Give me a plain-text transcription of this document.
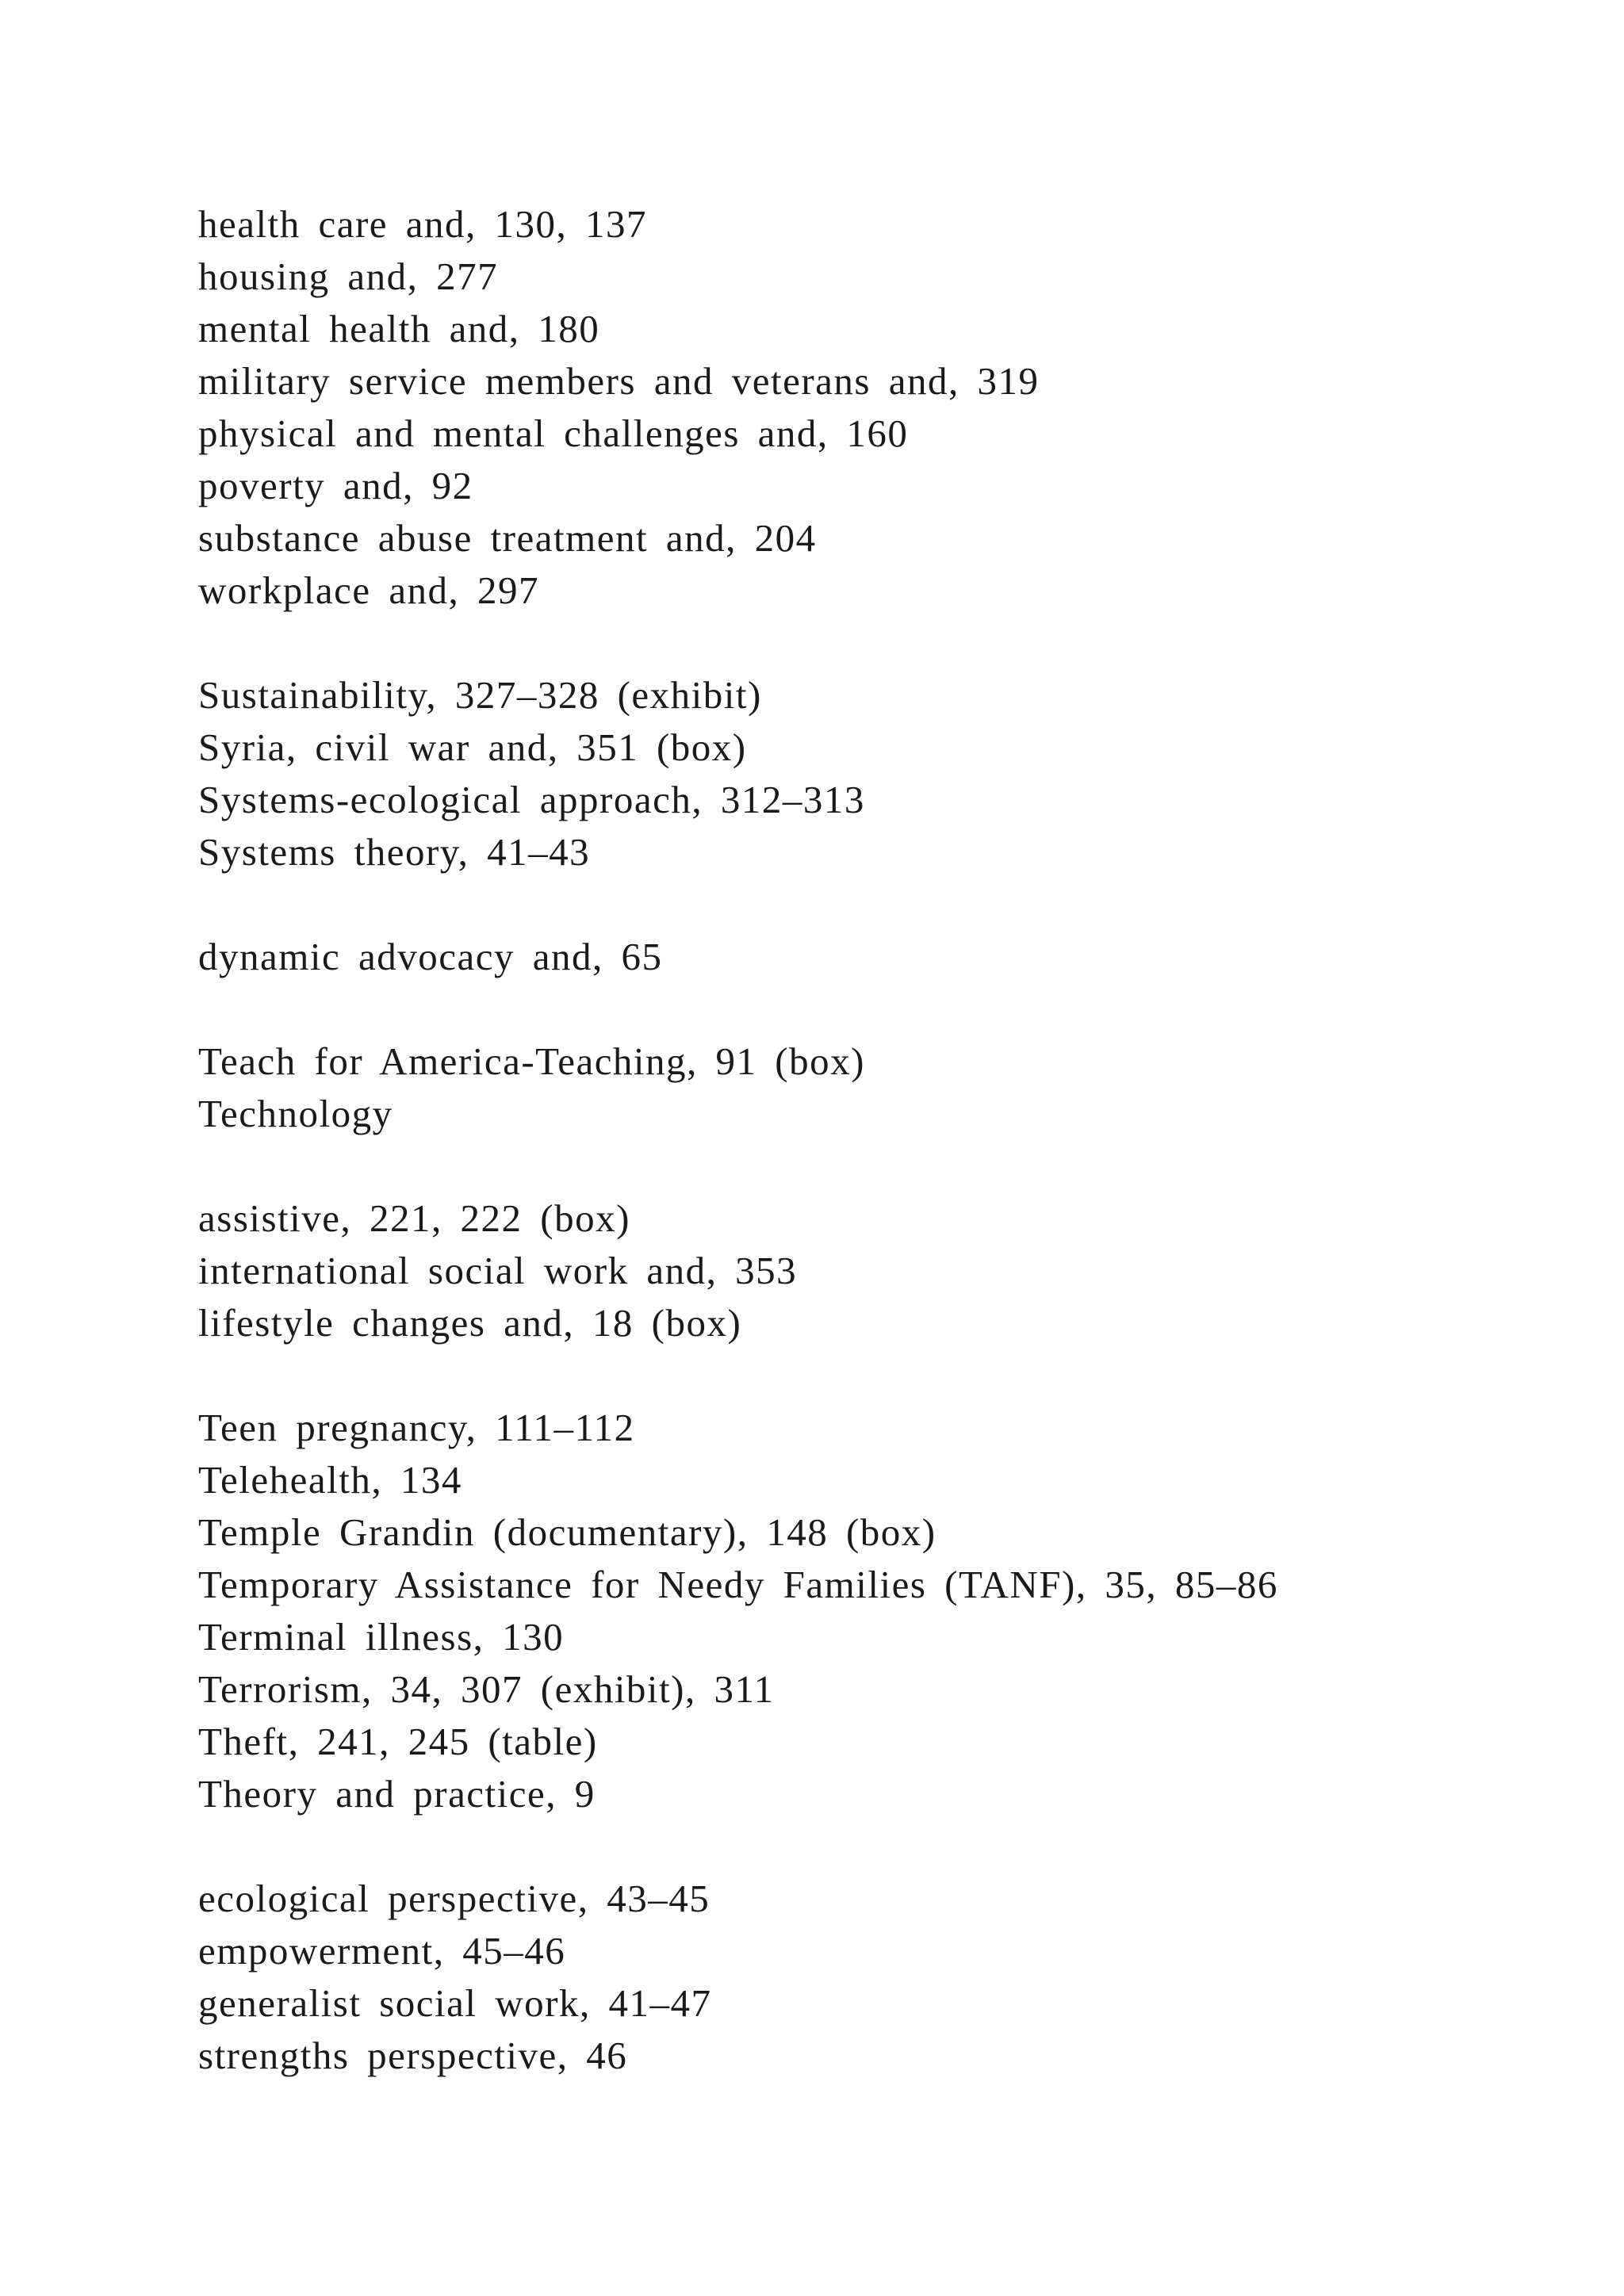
health care and, 130, 137
housing and, 277
mental health and, 180
military service members and veterans and, 319
physical and mental challenges and, 160
poverty and, 92
substance abuse treatment and, 204
workplace and, 297
Sustainability, 327–328 (exhibit)
Syria, civil war and, 351 (box)
Systems-ecological approach, 312–313
Systems theory, 41–43
dynamic advocacy and, 65
Teach for America-Teaching, 91 (box)
Technology
assistive, 221, 222 (box)
international social work and, 353
lifestyle changes and, 18 (box)
Teen pregnancy, 111–112
Telehealth, 134
Temple Grandin (documentary), 148 (box)
Temporary Assistance for Needy Families (TANF), 35, 85–86
Terminal illness, 130
Terrorism, 34, 307 (exhibit), 311
Theft, 241, 245 (table)
Theory and practice, 9
ecological perspective, 43–45
empowerment, 45–46
generalist social work, 41–47
strengths perspective, 46
